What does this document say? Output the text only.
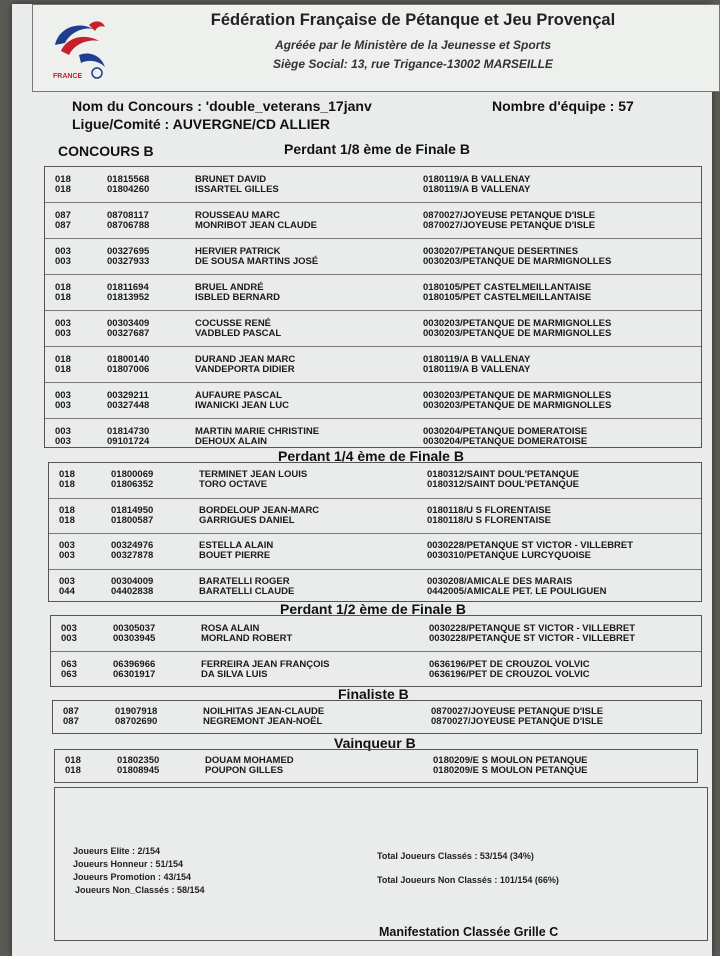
FRANCE
Fédération Française de Pétanque et Jeu Provençal
Agréée par le Ministère de la Jeunesse et Sports
Siège Social: 13, rue Trigance-13002 MARSEILLE
Nom du Concours : 'double_veterans_17janv	Nombre d'équipe : 57
Ligue/Comité : AUVERGNE/CD ALLIER
CONCOURS B	Perdant 1/8 ème de Finale B
018	01815568	BRUNET DAVID	0180119/A B VALLENAY
018	01804260	ISSARTEL GILLES	0180119/A B VALLENAY
087	08708117	ROUSSEAU MARC	0870027/JOYEUSE PETANQUE D'ISLE
087	08706788	MONRIBOT JEAN CLAUDE	0870027/JOYEUSE PETANQUE D'ISLE
003	00327695	HERVIER PATRICK	0030207/PETANQUE DESERTINES
003	00327933	DE SOUSA MARTINS JOSÉ	0030203/PETANQUE DE MARMIGNOLLES
018	01811694	BRUEL ANDRÉ	0180105/PET CASTELMEILLANTAISE
018	01813952	ISBLED BERNARD	0180105/PET CASTELMEILLANTAISE
003	00303409	COCUSSE RENÉ	0030203/PETANQUE DE MARMIGNOLLES
003	00327687	VADBLED PASCAL	0030203/PETANQUE DE MARMIGNOLLES
018	01800140	DURAND JEAN MARC	0180119/A B VALLENAY
018	01807006	VANDEPORTA DIDIER	0180119/A B VALLENAY
003	00329211	AUFAURE PASCAL	0030203/PETANQUE DE MARMIGNOLLES
003	00327448	IWANICKI JEAN LUC	0030203/PETANQUE DE MARMIGNOLLES
003	01814730	MARTIN MARIE CHRISTINE	0030204/PETANQUE DOMERATOISE
003	09101724	DEHOUX ALAIN	0030204/PETANQUE DOMERATOISE
Perdant 1/4 ème de Finale B
018	01800069	TERMINET JEAN LOUIS	0180312/SAINT DOUL'PETANQUE
018	01806352	TORO OCTAVE	0180312/SAINT DOUL'PETANQUE
018	01814950	BORDELOUP JEAN-MARC	0180118/U S FLORENTAISE
018	01800587	GARRIGUES DANIEL	0180118/U S FLORENTAISE
003	00324976	ESTELLA ALAIN	0030228/PETANQUE ST VICTOR - VILLEBRET
003	00327878	BOUET PIERRE	0030310/PETANQUE LURCYQUOISE
003	00304009	BARATELLI ROGER	0030208/AMICALE DES MARAIS
044	04402838	BARATELLI CLAUDE	0442005/AMICALE PET. LE POULIGUEN
Perdant 1/2 ème de Finale B
003	00305037	ROSA ALAIN	0030228/PETANQUE ST VICTOR - VILLEBRET
003	00303945	MORLAND ROBERT	0030228/PETANQUE ST VICTOR - VILLEBRET
063	06396966	FERREIRA JEAN FRANÇOIS	0636196/PET DE CROUZOL VOLVIC
063	06301917	DA SILVA LUIS	0636196/PET DE CROUZOL VOLVIC
Finaliste B
087	01907918	NOILHITAS JEAN-CLAUDE	0870027/JOYEUSE PETANQUE D'ISLE
087	08702690	NEGREMONT JEAN-NOËL	0870027/JOYEUSE PETANQUE D'ISLE
Vainqueur B
018	01802350	DOUAM MOHAMED	0180209/E S MOULON PETANQUE
018	01808945	POUPON GILLES	0180209/E S MOULON PETANQUE
Joueurs Elite : 2/154
Joueurs Honneur : 51/154
Joueurs Promotion : 43/154
Joueurs Non_Classés : 58/154
Total Joueurs Classés : 53/154 (34%)
Total Joueurs Non Classés : 101/154 (66%)
Manifestation Classée Grille C
